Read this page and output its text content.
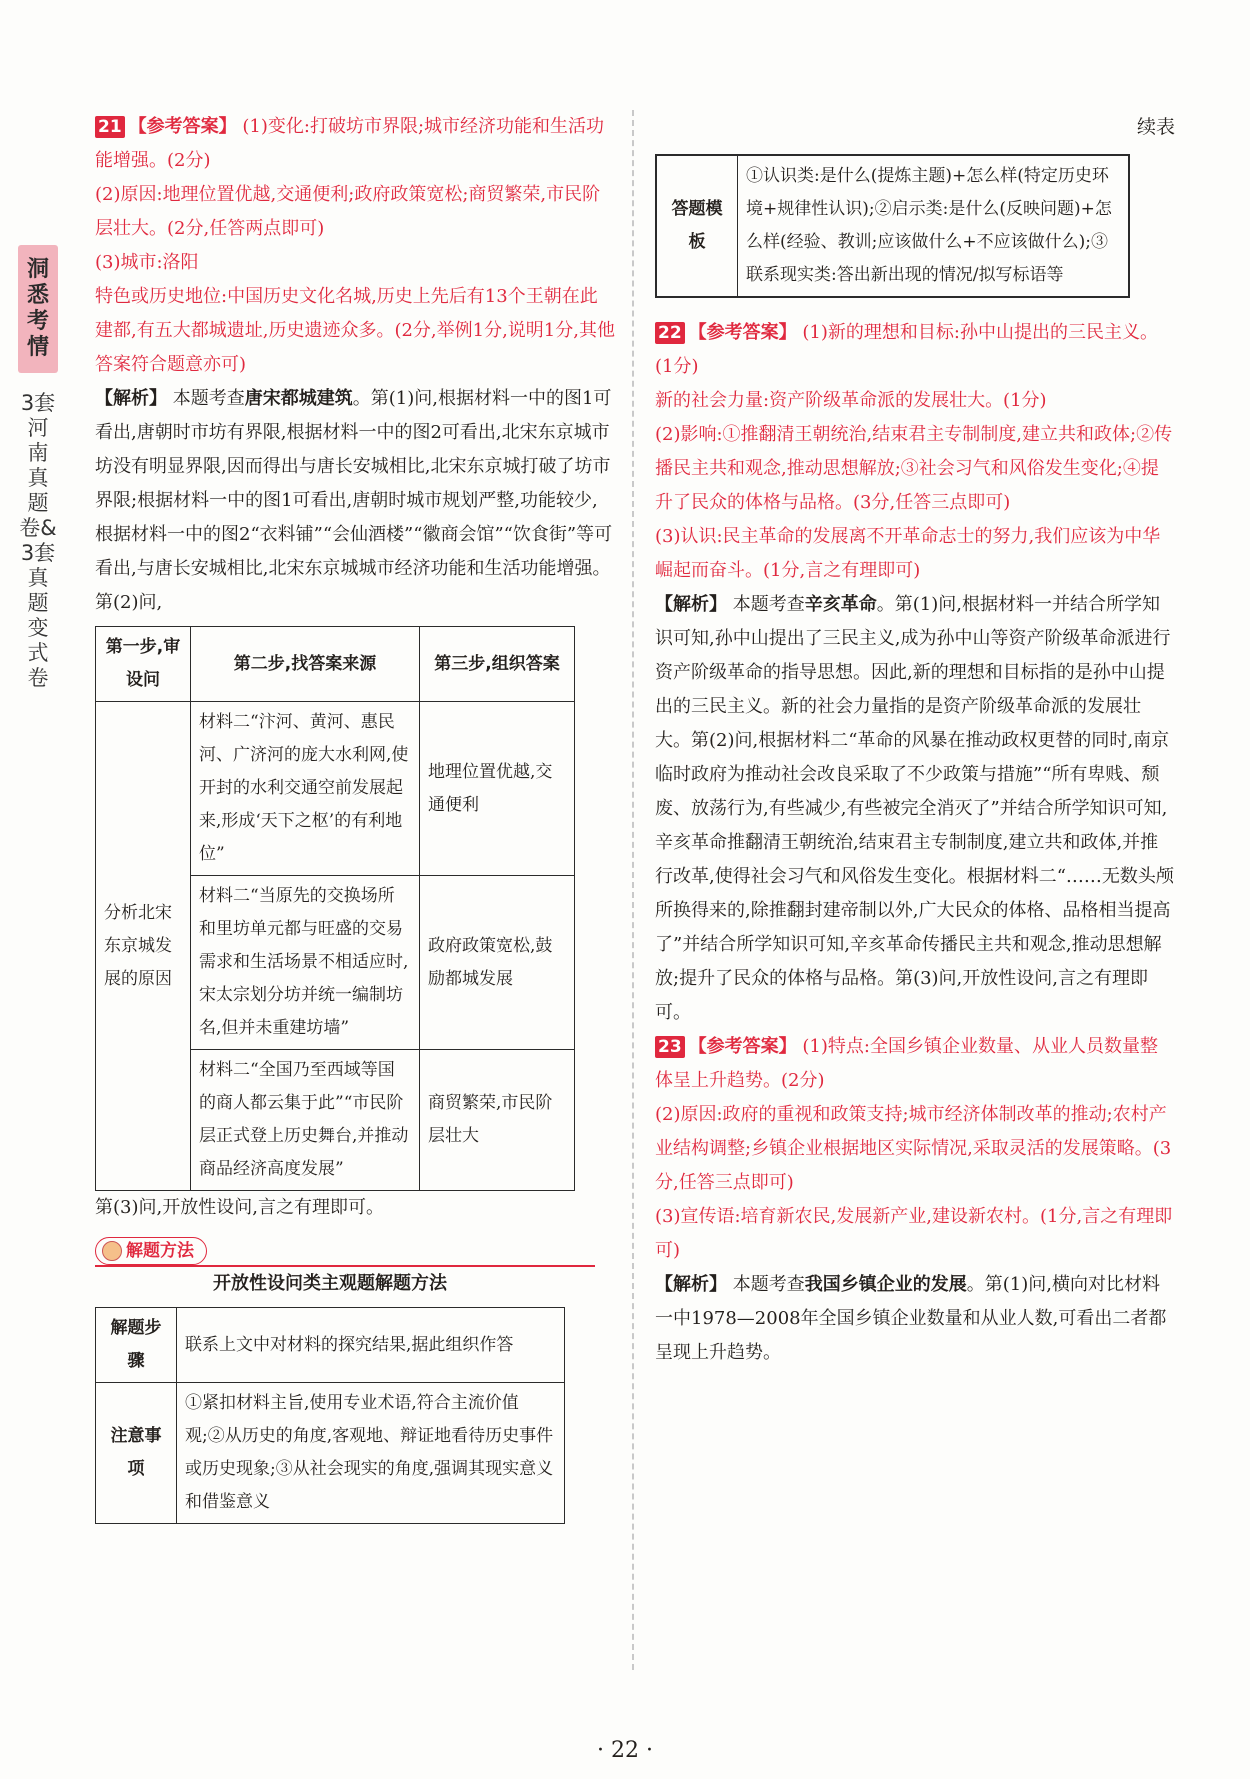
洞悉考情
3套河南真题卷&3套真题变式卷

21 【参考答案】 (1)变化:打破坊市界限;城市经济功能和生活功能增强。(2分)

(2)原因:地理位置优越,交通便利;政府政策宽松;商贸繁荣,市民阶层壮大。(2分,任答两点即可)

(3)城市:洛阳

特色或历史地位:中国历史文化名城,历史上先后有13个王朝在此建都,有五大都城遗址,历史遗迹众多。(2分,举例1分,说明1分,其他答案符合题意亦可)

【解析】 本题考查唐宋都城建筑。第(1)问,根据材料一中的图1可看出,唐朝时市坊有界限,根据材料一中的图2可看出,北宋东京城市坊没有明显界限,因而得出与唐长安城相比,北宋东京城打破了坊市界限;根据材料一中的图1可看出,唐朝时城市规划严整,功能较少,根据材料一中的图2“衣料铺”“会仙酒楼”“徽商会馆”“饮食街”等可看出,与唐长安城相比,北宋东京城城市经济功能和生活功能增强。

第(2)问,

第一步,审设问	第二步,找答案来源	第三步,组织答案
分析北宋东京城发展的原因	材料二“汴河、黄河、惠民河、广济河的庞大水利网,使开封的水利交通空前发展起来,形成‘天下之枢’的有利地位”	地理位置优越,交通便利
	材料二“当原先的交换场所和里坊单元都与旺盛的交易需求和生活场景不相适应时,宋太宗划分坊并统一编制坊名,但并未重建坊墙”	政府政策宽松,鼓励都城发展
	材料二“全国乃至西域等国的商人都云集于此”“市民阶层正式登上历史舞台,并推动商品经济高度发展”	商贸繁荣,市民阶层壮大

第(3)问,开放性设问,言之有理即可。

解题方法

开放性设问类主观题解题方法

解题步骤	联系上文中对材料的探究结果,据此组织作答
注意事项	①紧扣材料主旨,使用专业术语,符合主流价值观;②从历史的角度,客观地、辩证地看待历史事件或历史现象;③从社会现实的角度,强调其现实意义和借鉴意义

续表

答题模板	①认识类:是什么(提炼主题)+怎么样(特定历史环境+规律性认识);②启示类:是什么(反映问题)+怎么样(经验、教训;应该做什么+不应该做什么);③联系现实类:答出新出现的情况/拟写标语等

22 【参考答案】 (1)新的理想和目标:孙中山提出的三民主义。(1分)

新的社会力量:资产阶级革命派的发展壮大。(1分)

(2)影响:①推翻清王朝统治,结束君主专制制度,建立共和政体;②传播民主共和观念,推动思想解放;③社会习气和风俗发生变化;④提升了民众的体格与品格。(3分,任答三点即可)

(3)认识:民主革命的发展离不开革命志士的努力,我们应该为中华崛起而奋斗。(1分,言之有理即可)

【解析】 本题考查辛亥革命。第(1)问,根据材料一并结合所学知识可知,孙中山提出了三民主义,成为孙中山等资产阶级革命派进行资产阶级革命的指导思想。因此,新的理想和目标指的是孙中山提出的三民主义。新的社会力量指的是资产阶级革命派的发展壮大。第(2)问,根据材料二“革命的风暴在推动政权更替的同时,南京临时政府为推动社会改良采取了不少政策与措施”“所有卑贱、颓废、放荡行为,有些减少,有些被完全消灭了”并结合所学知识可知,辛亥革命推翻清王朝统治,结束君主专制制度,建立共和政体,并推行改革,使得社会习气和风俗发生变化。根据材料二“……无数头颅所换得来的,除推翻封建帝制以外,广大民众的体格、品格相当提高了”并结合所学知识可知,辛亥革命传播民主共和观念,推动思想解放;提升了民众的体格与品格。第(3)问,开放性设问,言之有理即可。

23 【参考答案】 (1)特点:全国乡镇企业数量、从业人员数量整体呈上升趋势。(2分)

(2)原因:政府的重视和政策支持;城市经济体制改革的推动;农村产业结构调整;乡镇企业根据地区实际情况,采取灵活的发展策略。(3分,任答三点即可)

(3)宣传语:培育新农民,发展新产业,建设新农村。(1分,言之有理即可)

【解析】 本题考查我国乡镇企业的发展。第(1)问,横向对比材料一中1978—2008年全国乡镇企业数量和从业人数,可看出二者都呈现上升趋势。

· 22 ·
